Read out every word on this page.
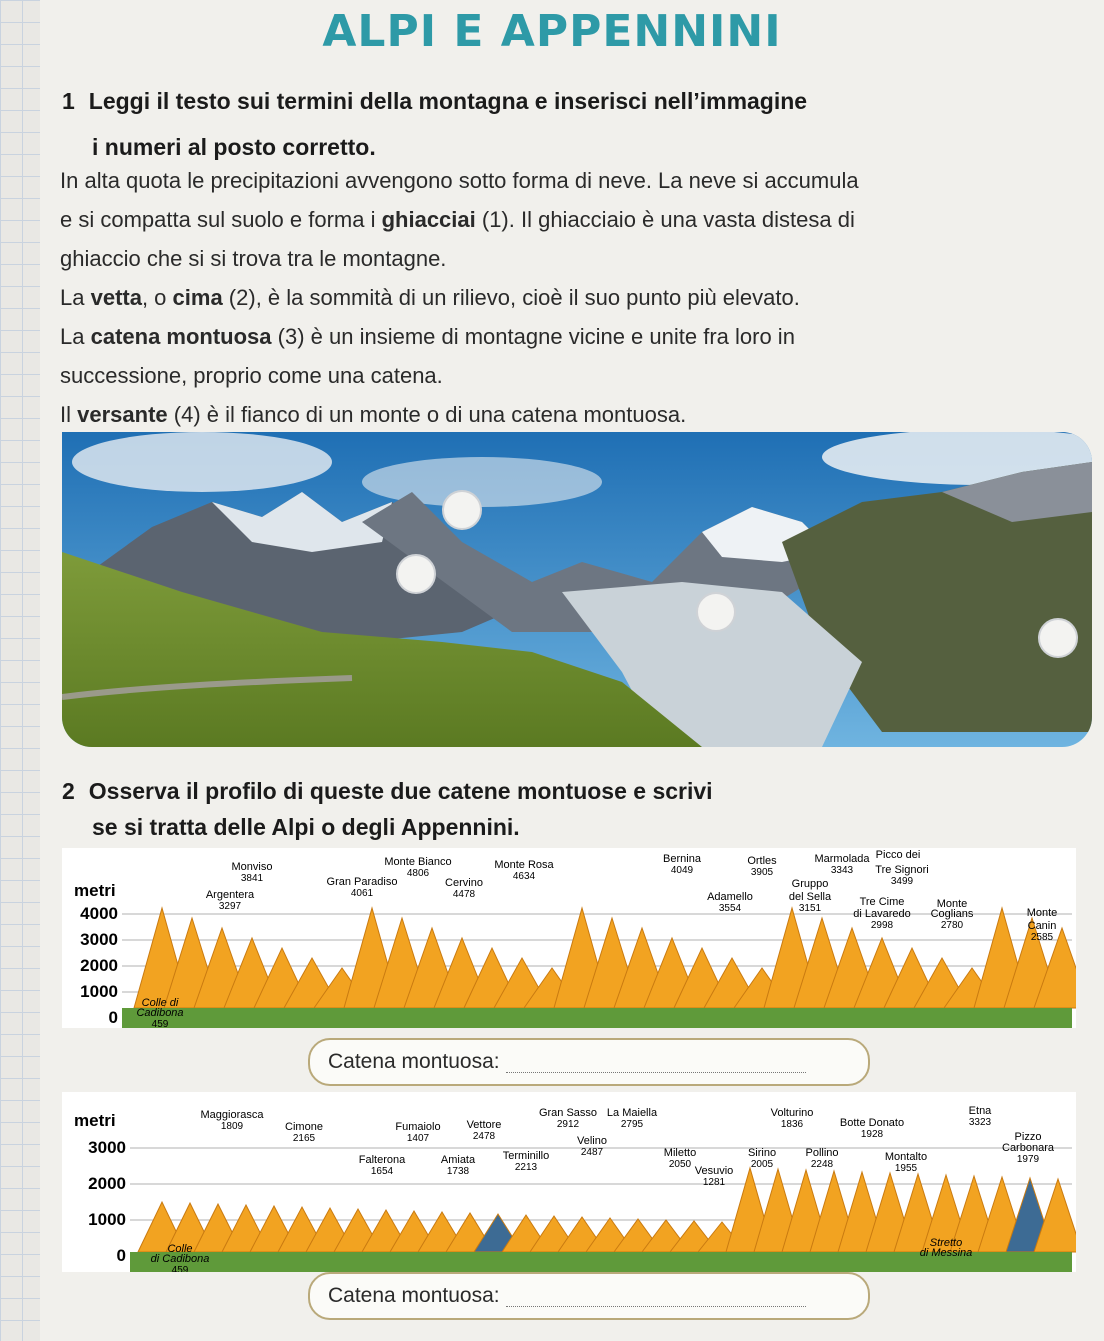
ALPI E APPENNINI
1 Leggi il testo sui termini della montagna e inserisci nell’immagine
i numeri al posto corretto.
In alta quota le precipitazioni avvengono sotto forma di neve. La neve si accumula
e si compatta sul suolo e forma i ghiacciai (1). Il ghiacciaio è una vasta distesa di
ghiaccio che si si trova tra le montagne.
La vetta, o cima (2), è la sommità di un rilievo, cioè il suo punto più elevato.
La catena montuosa (3) è un insieme di montagne vicine e unite fra loro in
successione, proprio come una catena.
Il versante (4) è il fianco di un monte o di una catena montuosa.
2 Osserva il profilo di queste due catene montuose e scrivi
se si tratta delle Alpi o degli Appennini.
metri
4000
3000
2000
1000
0
Colle di
Cadibona
459
Argentera
3297
Monviso
3841	Gran Paradiso
4061
Monte Bianco
4806
Cervino
4478
Monte Rosa
4634
Bernina
4049
Adamello
3554
Ortles
3905
Gruppo
del Sella
3151
Marmolada
3343
Tre Cime
di Lavaredo
2998
Picco dei
Tre Signori
3499
Monte
Coglians
2780
Monte
Canin
2585
Catena montuosa:
metri
3000
2000
1000
0	Colle
di Cadibona
459
Maggiorasca
1809	Cimone
2165
Falterona
1654
Fumaiolo
1407
Amiata
1738
Vettore
2478
Terminillo
2213
Gran Sasso
2912
Velino
2487
La Maiella
2795
Miletto
2050
Vesuvio
1281
Volturino
1836
Sirino
2005
Pollino
2248
Botte Donato
1928
Montalto
1955
Etna
3323
Pizzo
Carbonara
1979
Stretto
di Messina
Catena montuosa:
